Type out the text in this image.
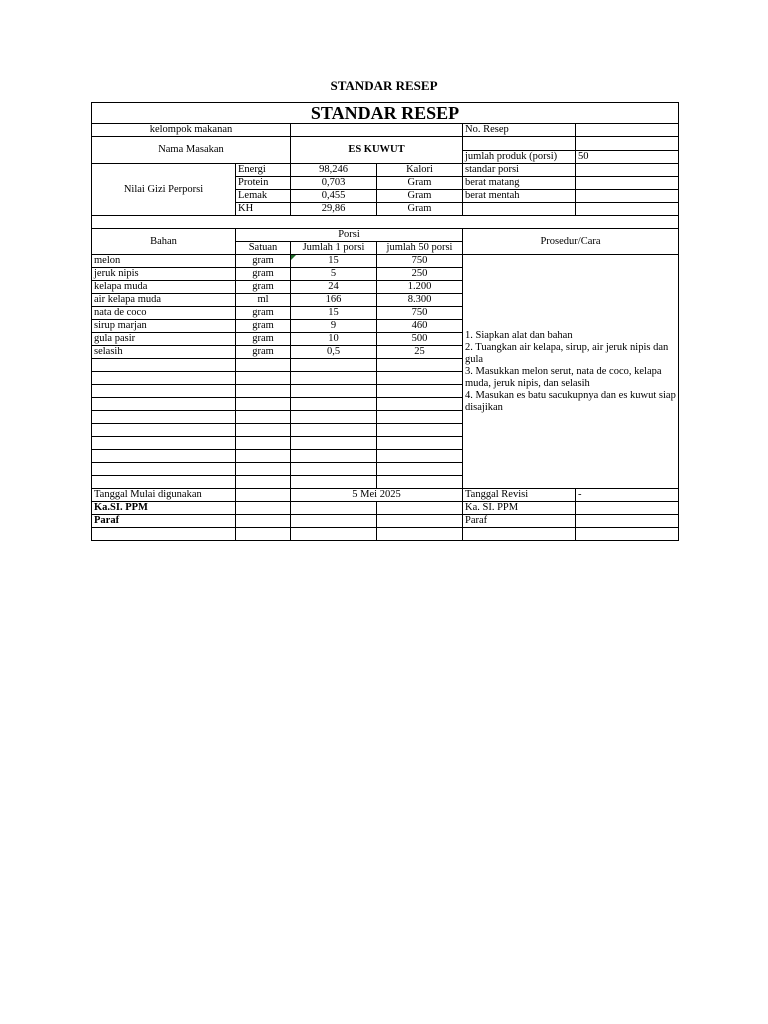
STANDAR RESEP
STANDAR RESEP					
kelompok makanan				No. Resep	
Nama Masakan		ES KUWUT		jumlah produk (porsi)	50
Nilai Gizi Perporsi	Energi	98,246	Kalori	standar porsi	
	Protein	0,703	Gram	berat matang	
	Lemak	0,455	Gram	berat mentah	
	KH	29,86	Gram		

Bahan	Porsi			Prosedur/Cara	
	Satuan	Jumlah 1 porsi	jumlah 50 porsi		
melon	gram	15	750	1. Siapkan alat dan bahan
2. Tuangkan air kelapa, sirup, air jeruk nipis dan gula
3. Masukkan melon serut, nata de coco, kelapa muda, jeruk nipis, dan selasih
4. Masukan es batu sacukupnya dan es kuwut siap disajikan	

jeruk nipis	gram	5	250		
kelapa muda	gram	24	1.200		
air kelapa muda	ml	166	8.300		
nata de coco	gram	15	750		
sirup marjan	gram	9	460		
gula pasir	gram	10	500		
selasih	gram	0,5	25		

Tanggal Mulai digunakan		5 Mei 2025		Tanggal Revisi	-
Ka.SI. PPM				Ka. SI. PPM	
Paraf				Paraf	
